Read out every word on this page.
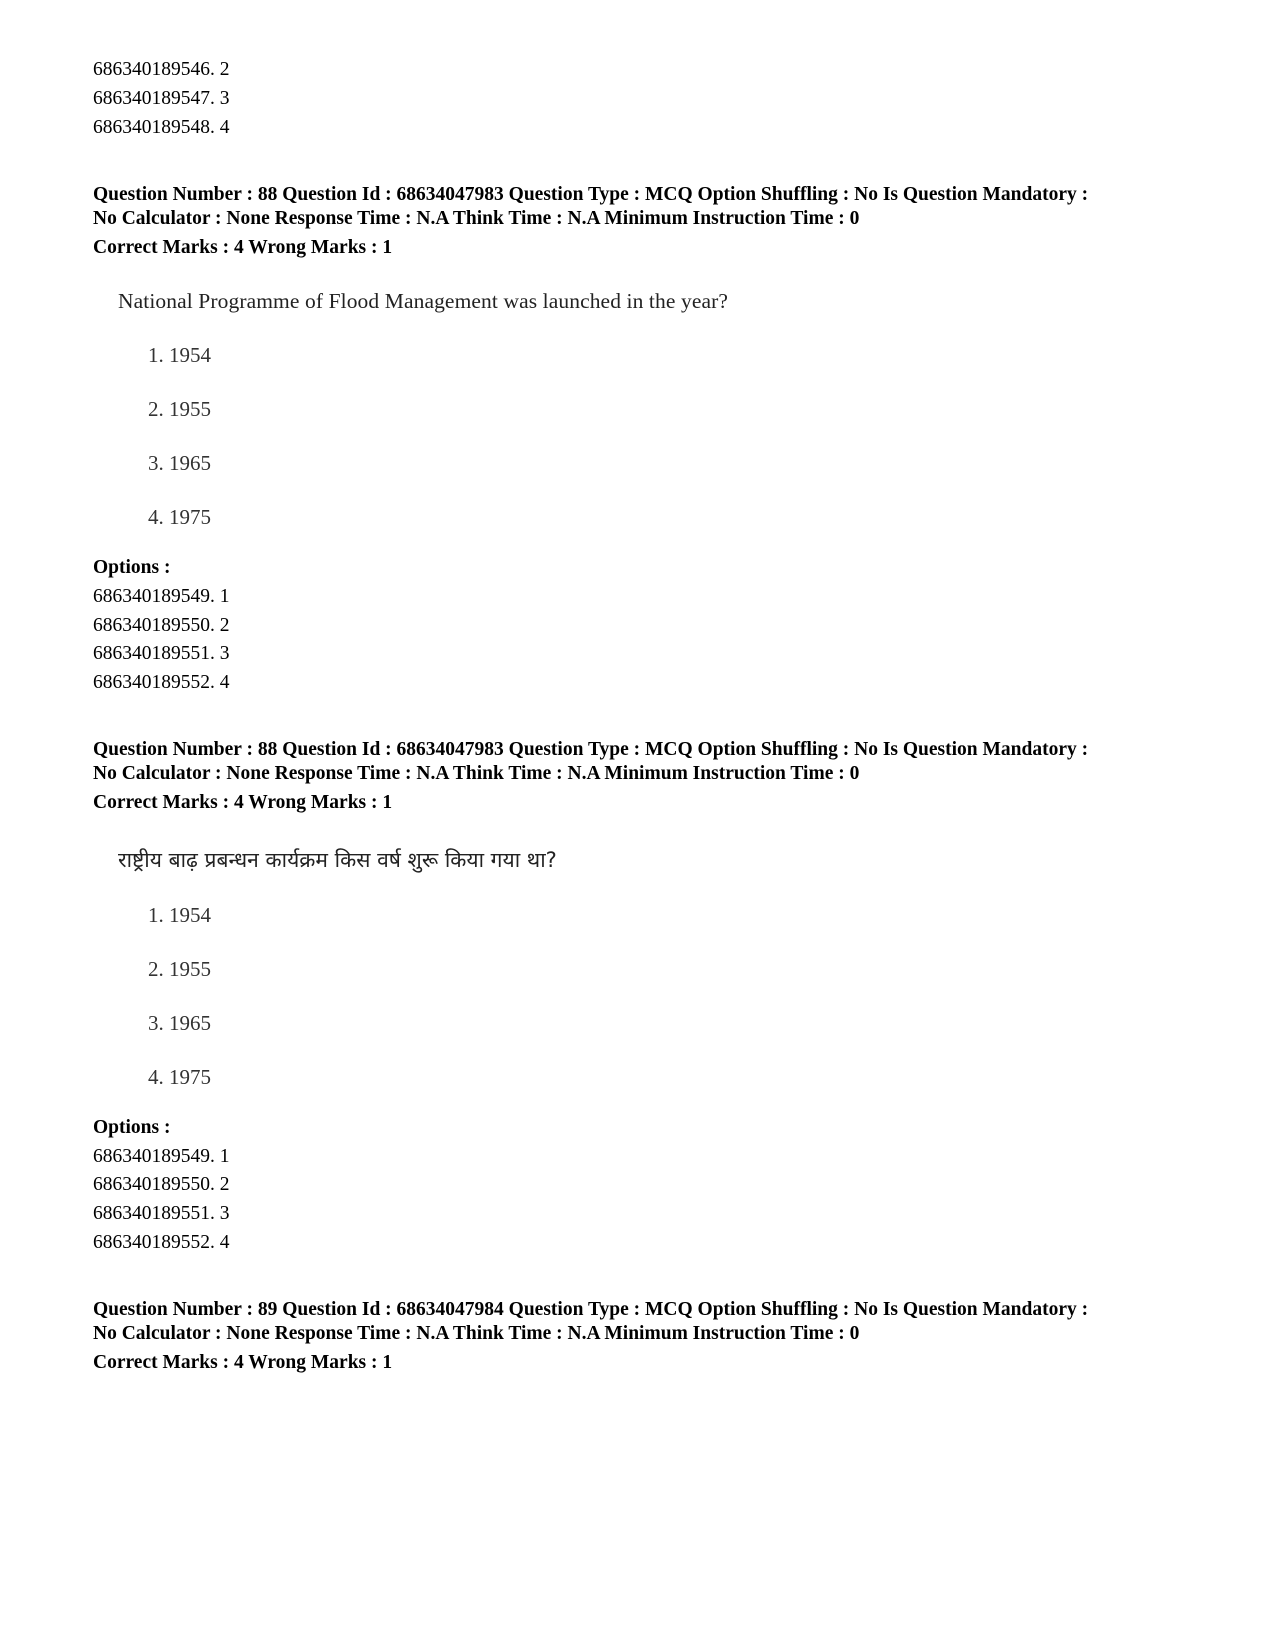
686340189546. 2
686340189547. 3
686340189548. 4
Question Number : 88 Question Id : 68634047983 Question Type : MCQ Option Shuffling : No Is Question Mandatory :
No Calculator : None Response Time : N.A Think Time : N.A Minimum Instruction Time : 0
Correct Marks : 4 Wrong Marks : 1
National Programme of Flood Management was launched in the year?
1. 1954
2. 1955
3. 1965
4. 1975
Options :
686340189549. 1
686340189550. 2
686340189551. 3
686340189552. 4
Question Number : 88 Question Id : 68634047983 Question Type : MCQ Option Shuffling : No Is Question Mandatory :
No Calculator : None Response Time : N.A Think Time : N.A Minimum Instruction Time : 0
Correct Marks : 4 Wrong Marks : 1
राष्ट्रीय बाढ़ प्रबन्धन कार्यक्रम किस वर्ष शुरू किया गया था?
1. 1954
2. 1955
3. 1965
4. 1975
Options :
686340189549. 1
686340189550. 2
686340189551. 3
686340189552. 4
Question Number : 89 Question Id : 68634047984 Question Type : MCQ Option Shuffling : No Is Question Mandatory :
No Calculator : None Response Time : N.A Think Time : N.A Minimum Instruction Time : 0
Correct Marks : 4 Wrong Marks : 1
